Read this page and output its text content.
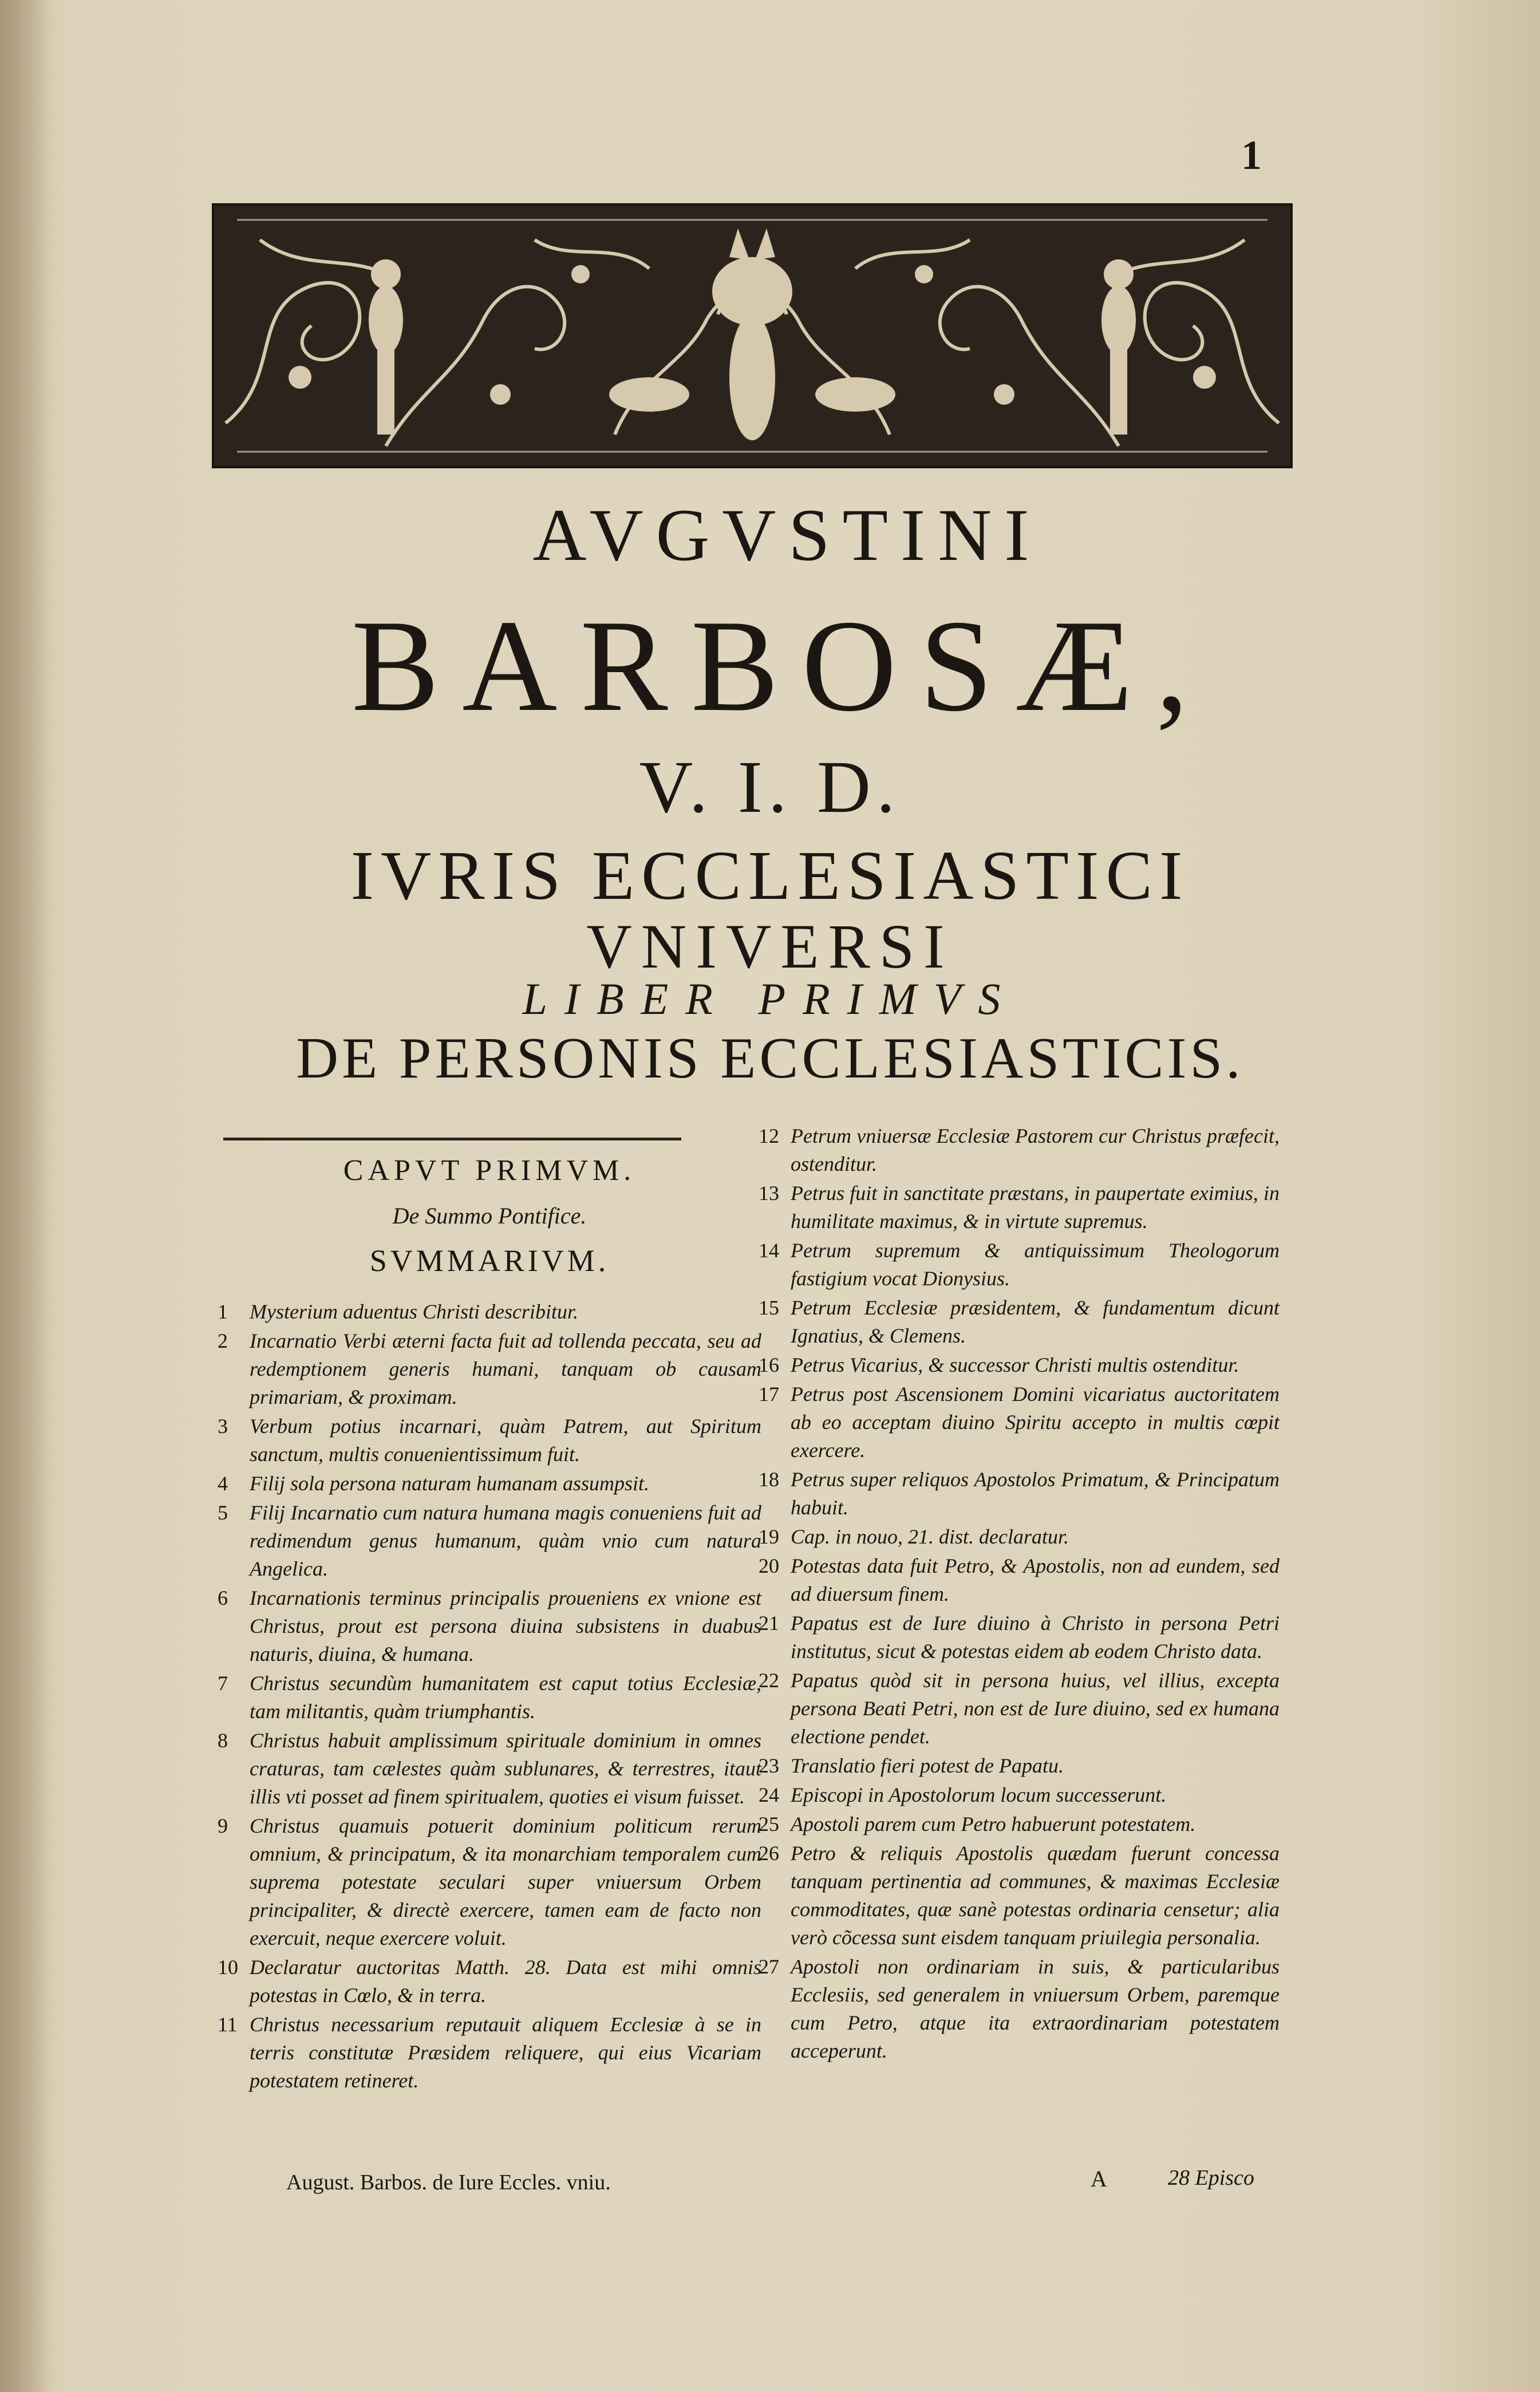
1
AVGVSTINI
BARBOSÆ,
V. I. D.
IVRIS ECCLESIASTICI
VNIVERSI
LIBER PRIMVS
DE PERSONIS ECCLESIASTICIS.
CAPVT PRIMVM.
De Summo Pontifice.
SVMMARIVM.
1	Mysterium aduentus Christi describitur.
2	Incarnatio Verbi æterni facta fuit ad tollenda peccata, seu ad redemptionem generis humani, tanquam ob causam primariam, & proximam.
3	Verbum potius incarnari, quàm Patrem, aut Spiritum sanctum, multis conuenientissimum fuit.
4	Filij sola persona naturam humanam assumpsit.
5	Filij Incarnatio cum natura humana magis conueniens fuit ad redimendum genus humanum, quàm vnio cum natura Angelica.
6	Incarnationis terminus principalis proueniens ex vnione est Christus, prout est persona diuina subsistens in duabus naturis, diuina, & humana.
7	Christus secundùm humanitatem est caput totius Ecclesiæ, tam militantis, quàm triumphantis.
8	Christus habuit amplissimum spirituale dominium in omnes craturas, tam cælestes quàm sublunares, & terrestres, itaut illis vti posset ad finem spiritualem, quoties ei visum fuisset.
9	Christus quamuis potuerit dominium politicum rerum omnium, & principatum, & ita monarchiam temporalem cum suprema potestate seculari super vniuersum Orbem principaliter, & directè exercere, tamen eam de facto non exercuit, neque exercere voluit.
10 Declaratur auctoritas Matth. 28. Data est mihi omnis potestas in Cœlo, & in terra.
11 Christus necessarium reputauit aliquem Ecclesiæ à se in terris constitutæ Præsidem reliquere, qui eius Vicariam potestatem retineret.
12 Petrum vniuersæ Ecclesiæ Pastorem cur Christus præfecit, ostenditur.
13 Petrus fuit in sanctitate præstans, in paupertate eximius, in humilitate maximus, & in virtute supremus.
14 Petrum supremum & antiquissimum Theologorum fastigium vocat Dionysius.
15 Petrum Ecclesiæ præsidentem, & fundamentum dicunt Ignatius, & Clemens.
16 Petrus Vicarius, & successor Christi multis ostenditur.
17 Petrus post Ascensionem Domini vicariatus auctoritatem ab eo acceptam diuino Spiritu accepto in multis cœpit exercere.
18 Petrus super reliquos Apostolos Primatum, & Principatum habuit.
19 Cap. in nouo, 21. dist. declaratur.
20 Potestas data fuit Petro, & Apostolis, non ad eundem, sed ad diuersum finem.
21 Papatus est de Iure diuino à Christo in persona Petri institutus, sicut & potestas eidem ab eodem Christo data.
22 Papatus quòd sit in persona huius, vel illius, excepta persona Beati Petri, non est de Iure diuino, sed ex humana electione pendet.
23 Translatio fieri potest de Papatu.
24 Episcopi in Apostolorum locum successerunt.
25 Apostoli parem cum Petro habuerunt potestatem.
26 Petro & reliquis Apostolis quædam fuerunt concessa tanquam pertinentia ad communes, & maximas Ecclesiæ commoditates, quæ sanè potestas ordinaria censetur; alia verò cõcessa sunt eisdem tanquam priuilegia personalia.
27 Apostoli non ordinariam in suis, & particularibus Ecclesiis, sed generalem in vniuersum Orbem, paremque cum Petro, atque ita extraordinariam potestatem acceperunt.
August. Barbos. de Iure Eccles. vniu.	A	28 Episco
